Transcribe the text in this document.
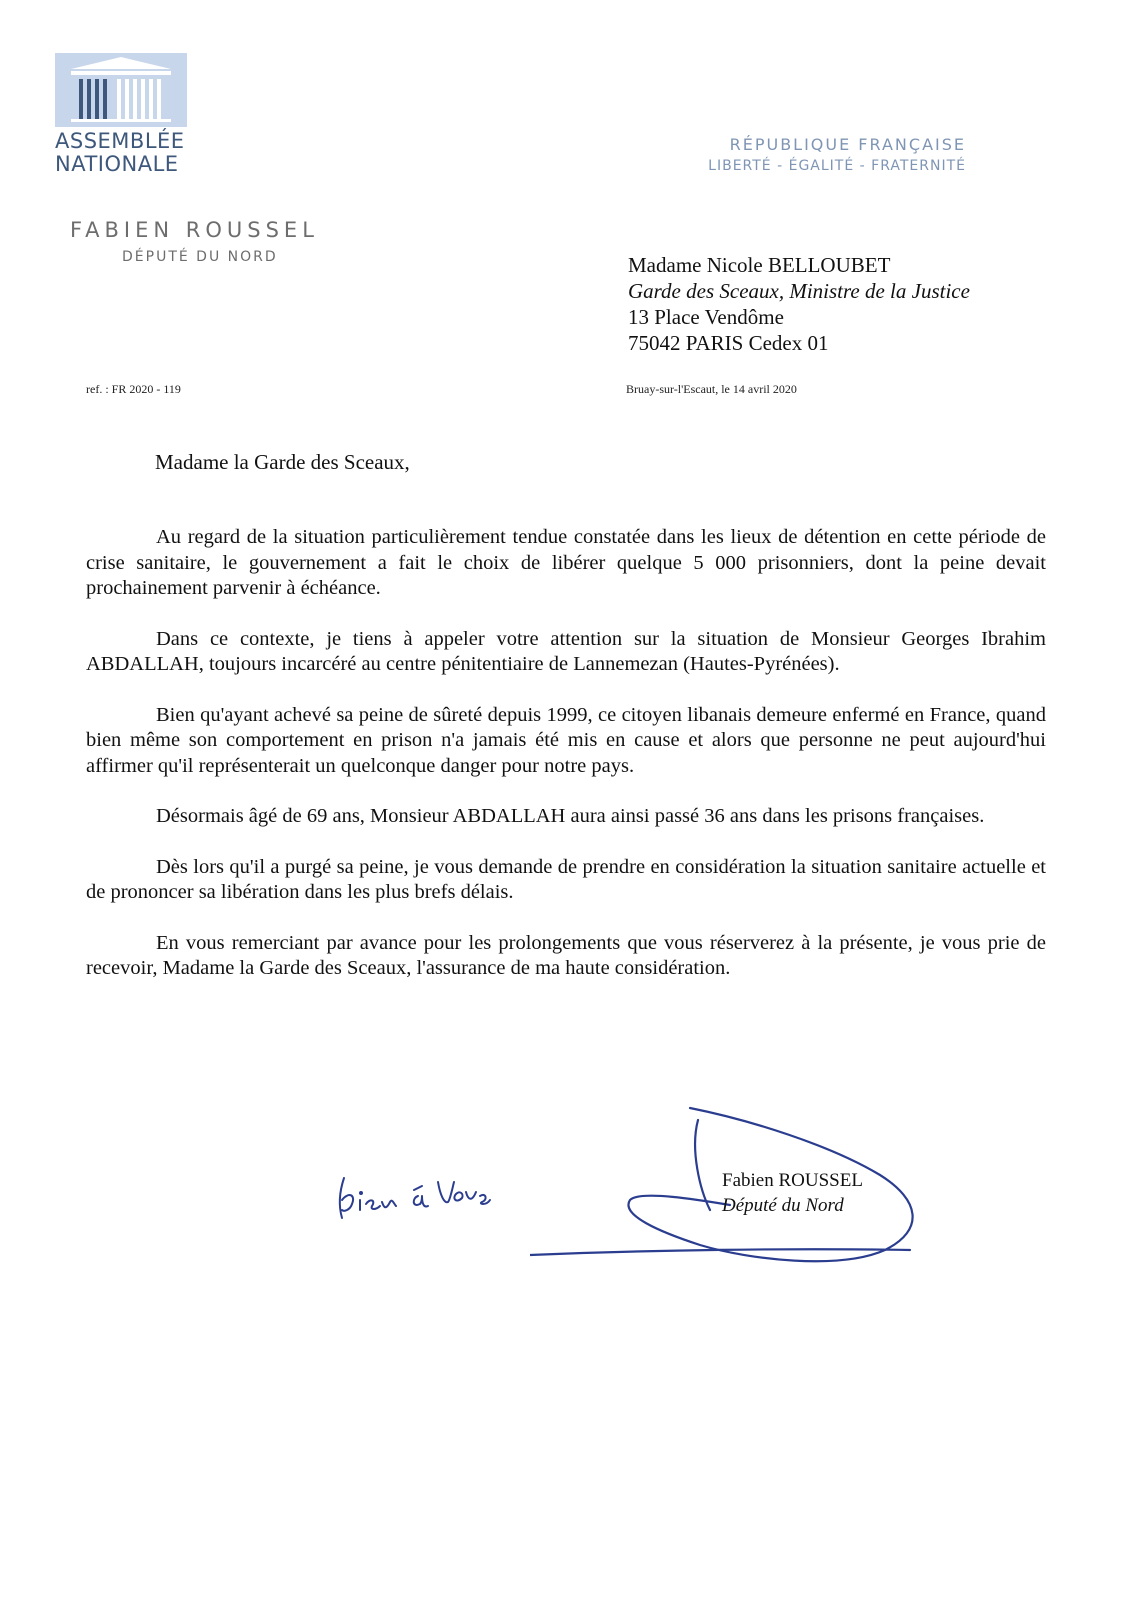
ASSEMBLÉE
NATIONALE
RÉPUBLIQUE FRANÇAISE
LIBERTÉ - ÉGALITÉ - FRATERNITÉ
FABIEN ROUSSEL
DÉPUTÉ DU NORD	Madame Nicole BELLOUBET
Garde des Sceaux, Ministre de la Justice
13 Place Vendôme
75042 PARIS Cedex 01
ref. : FR 2020 - 119	Bruay-sur-l'Escaut, le 14 avril 2020
Madame la Garde des Sceaux,

Au regard de la situation particulièrement tendue constatée dans les lieux de détention en cette période de crise sanitaire, le gouvernement a fait le choix de libérer quelque 5 000 prisonniers, dont la peine devait prochainement parvenir à échéance.

Dans ce contexte, je tiens à appeler votre attention sur la situation de Monsieur Georges Ibrahim ABDALLAH, toujours incarcéré au centre pénitentiaire de Lannemezan (Hautes-Pyrénées).

Bien qu'ayant achevé sa peine de sûreté depuis 1999, ce citoyen libanais demeure enfermé en France, quand bien même son comportement en prison n'a jamais été mis en cause et alors que personne ne peut aujourd'hui affirmer qu'il représenterait un quelconque danger pour notre pays.

Désormais âgé de 69 ans, Monsieur ABDALLAH aura ainsi passé 36 ans dans les prisons françaises.

Dès lors qu'il a purgé sa peine, je vous demande de prendre en considération la situation sanitaire actuelle et de prononcer sa libération dans les plus brefs délais.

En vous remerciant par avance pour les prolongements que vous réserverez à la présente, je vous prie de recevoir, Madame la Garde des Sceaux, l'assurance de ma haute considération.

Fabien ROUSSEL
Député du Nord
